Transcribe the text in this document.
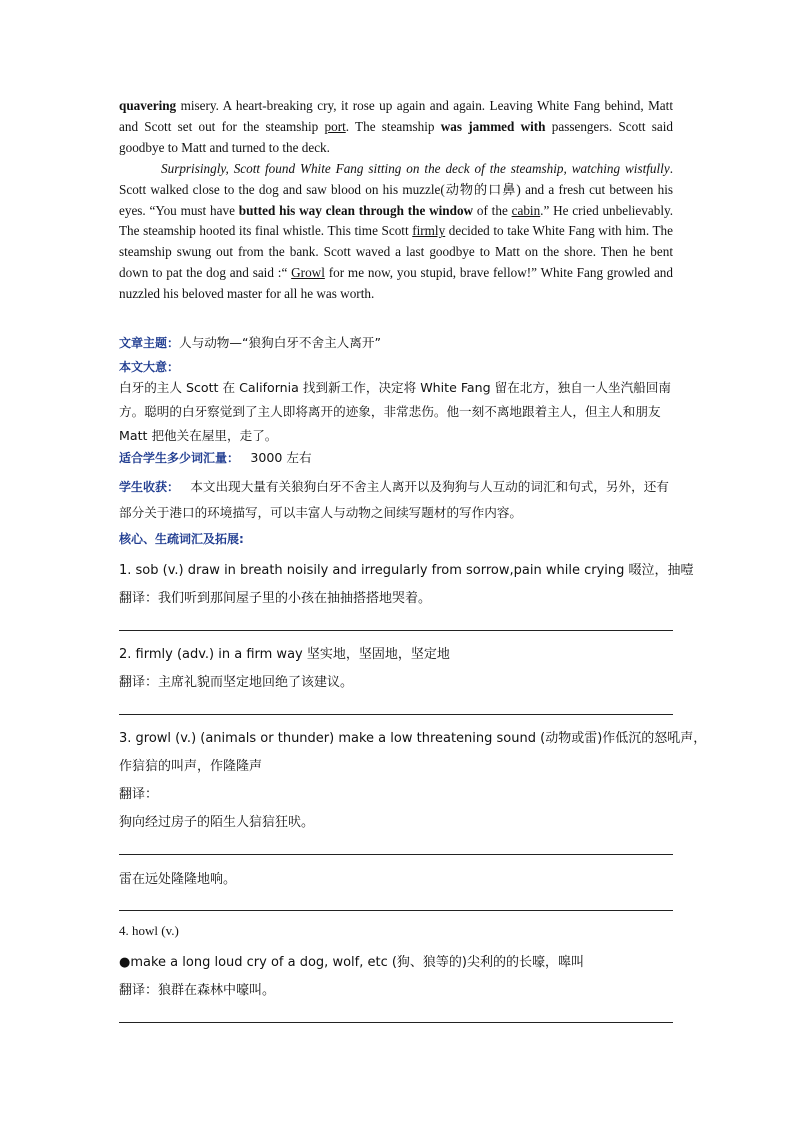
quavering misery. A heart-breaking cry, it rose up again and again. Leaving White Fang behind, Matt and Scott set out for the steamship port. The steamship was jammed with passengers. Scott said goodbye to Matt and turned to the deck.

Surprisingly, Scott found White Fang sitting on the deck of the steamship, watching wistfully. Scott walked close to the dog and saw blood on his muzzle(动物的口鼻) and a fresh cut between his eyes. “You must have butted his way clean through the window of the cabin.” He cried unbelievably. The steamship hooted its final whistle. This time Scott firmly decided to take White Fang with him. The steamship swung out from the bank. Scott waved a last goodbye to Matt on the shore. Then he bent down to pat the dog and said :“ Growl for me now, you stupid, brave fellow!” White Fang growled and nuzzled his beloved master for all he was worth.

文章主题：人与动物—“狼狗白牙不舍主人离开”
本文大意：
白牙的主人 Scott 在 California 找到新工作，决定将 White Fang 留在北方，独自一人坐汽船回南方。聪明的白牙察觉到了主人即将离开的迹象，非常悲伤。他一刻不离地跟着主人，但主人和朋友 Matt 把他关在屋里，走了。
适合学生多少词汇量： 3000 左右
学生收获： 本文出现大量有关狼狗白牙不舍主人离开以及狗狗与人互动的词汇和句式，另外，还有部分关于港口的环境描写，可以丰富人与动物之间续写题材的写作内容。
核心、生疏词汇及拓展:
1. sob (v.) draw in breath noisily and irregularly from sorrow,pain while crying 啜泣，抽噎
翻译：我们听到那间屋子里的小孩在抽抽搭搭地哭着。
2. firmly (adv.) in a firm way 坚实地，坚固地，坚定地
翻译：主席礼貌而坚定地回绝了该建议。
3. growl (v.) (animals or thunder) make a low threatening sound (动物或雷)作低沉的怒吼声，
作狺狺的叫声，作隆隆声
翻译：
狗向经过房子的陌生人狺狺狂吠。
雷在远处隆隆地响。
4. howl (v.)
●make a long loud cry of a dog, wolf, etc (狗、狼等的)尖利的的长嚎，嗥叫
翻译：狼群在森林中嚎叫。
